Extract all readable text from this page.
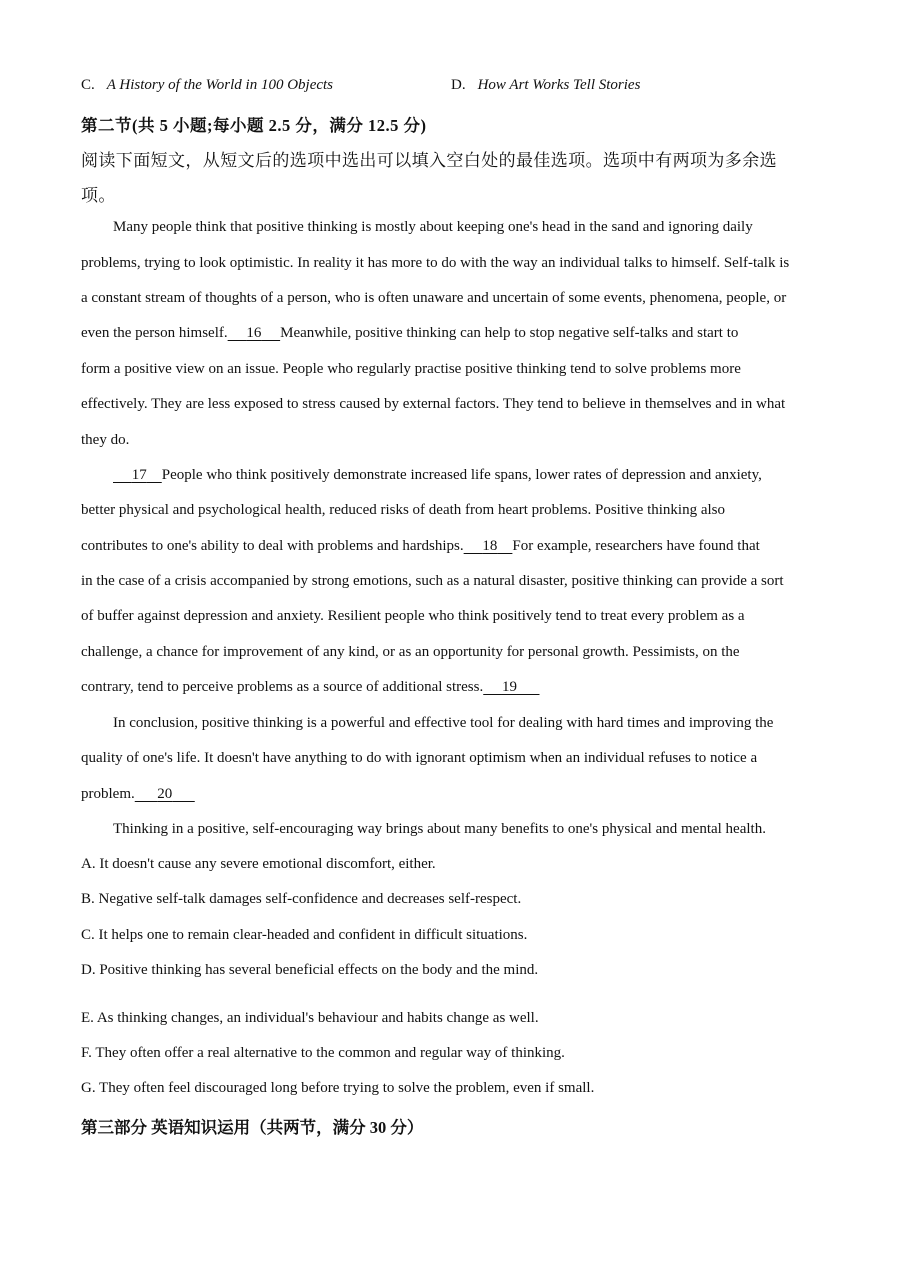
C. A History of the World in 100 Objects	D. How Art Works Tell Stories
第二节(共 5 小题;每小题 2.5 分，满分 12.5 分)
阅读下面短文，从短文后的选项中选出可以填入空白处的最佳选项。选项中有两项为多余选
项。
Many people think that positive thinking is mostly about keeping one's head in the sand and ignoring daily
problems, trying to look optimistic. In reality it has more to do with the way an individual talks to himself. Self-talk is
a constant stream of thoughts of a person, who is often unaware and uncertain of some events, phenomena, people, or
even the person himself. 16 Meanwhile, positive thinking can help to stop negative self-talks and start to
form a positive view on an issue. People who regularly practise positive thinking tend to solve problems more
effectively. They are less exposed to stress caused by external factors. They tend to believe in themselves and in what
they do.
17 People who think positively demonstrate increased life spans, lower rates of depression and anxiety,
better physical and psychological health, reduced risks of death from heart problems. Positive thinking also
contributes to one's ability to deal with problems and hardships. 18 For example, researchers have found that
in the case of a crisis accompanied by strong emotions, such as a natural disaster, positive thinking can provide a sort
of buffer against depression and anxiety. Resilient people who think positively tend to treat every problem as a
challenge, a chance for improvement of any kind, or as an opportunity for personal growth. Pessimists, on the
contrary, tend to perceive problems as a source of additional stress. 19
In conclusion, positive thinking is a powerful and effective tool for dealing with hard times and improving the
quality of one's life. It doesn't have anything to do with ignorant optimism when an individual refuses to notice a
problem. 20
Thinking in a positive, self-encouraging way brings about many benefits to one's physical and mental health.
A. It doesn't cause any severe emotional discomfort, either.
B. Negative self-talk damages self-confidence and decreases self-respect.
C. It helps one to remain clear-headed and confident in difficult situations.
D. Positive thinking has several beneficial effects on the body and the mind.
E. As thinking changes, an individual's behaviour and habits change as well.
F. They often offer a real alternative to the common and regular way of thinking.
G. They often feel discouraged long before trying to solve the problem, even if small.
第三部分 英语知识运用（共两节，满分 30 分）
